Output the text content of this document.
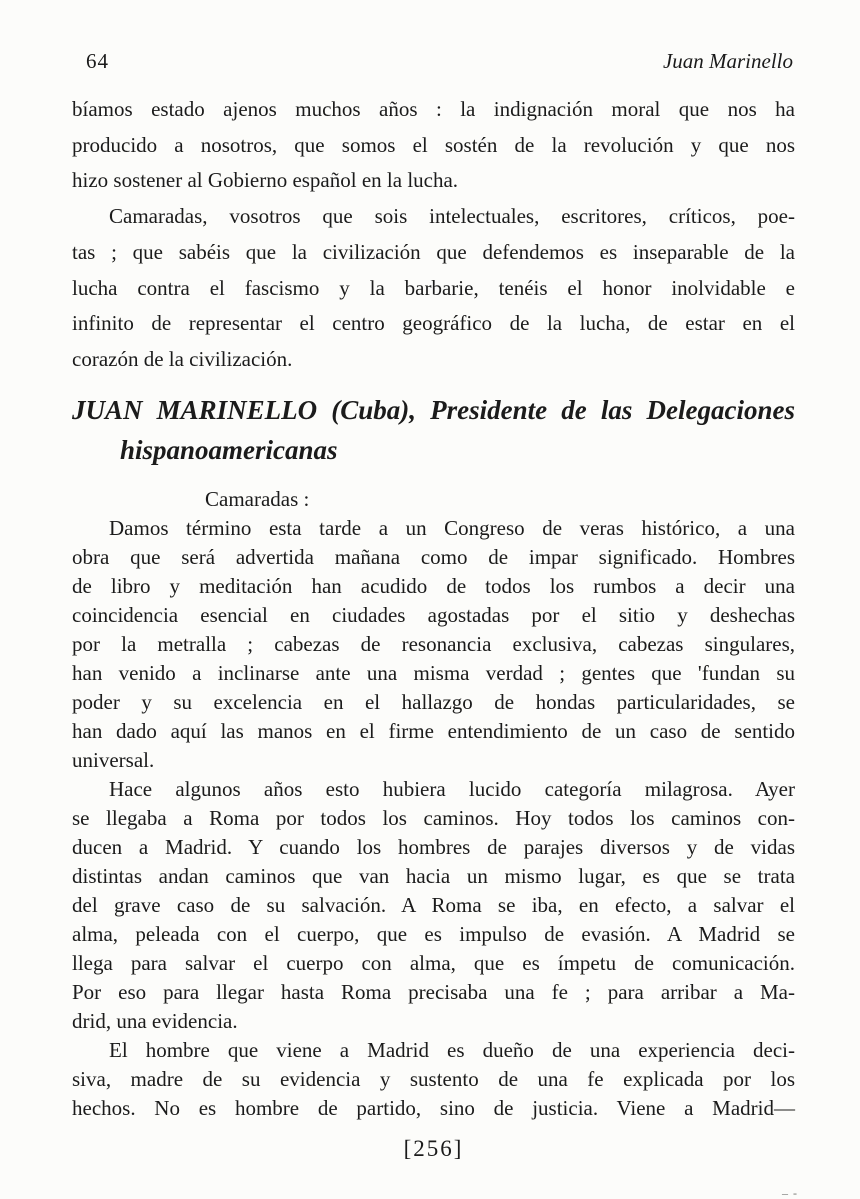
64	Juan Marinello
bíamos estado ajenos muchos años : la indignación moral que nos ha
producido a nosotros, que somos el sostén de la revolución y que nos
hizo sostener al Gobierno español en la lucha.
Camaradas, vosotros que sois intelectuales, escritores, críticos, poe-
tas ; que sabéis que la civilización que defendemos es inseparable de la
lucha contra el fascismo y la barbarie, tenéis el honor inolvidable e
infinito de representar el centro geográfico de la lucha, de estar en el
corazón de la civilización.
JUAN MARINELLO (Cuba), Presidente de las Delegaciones
hispanoamericanas
Camaradas :
Damos término esta tarde a un Congreso de veras histórico, a una
obra que será advertida mañana como de impar significado. Hombres
de libro y meditación han acudido de todos los rumbos a decir una
coincidencia esencial en ciudades agostadas por el sitio y deshechas
por la metralla ; cabezas de resonancia exclusiva, cabezas singulares,
han venido a inclinarse ante una misma verdad ; gentes que 'fundan su
poder y su excelencia en el hallazgo de hondas particularidades, se
han dado aquí las manos en el firme entendimiento de un caso de sentido
universal.
Hace algunos años esto hubiera lucido categoría milagrosa. Ayer
se llegaba a Roma por todos los caminos. Hoy todos los caminos con-
ducen a Madrid. Y cuando los hombres de parajes diversos y de vidas
distintas andan caminos que van hacia un mismo lugar, es que se trata
del grave caso de su salvación. A Roma se iba, en efecto, a salvar el
alma, peleada con el cuerpo, que es impulso de evasión. A Madrid se
llega para salvar el cuerpo con alma, que es ímpetu de comunicación.
Por eso para llegar hasta Roma precisaba una fe ; para arribar a Ma-
drid, una evidencia.
El hombre que viene a Madrid es dueño de una experiencia deci-
siva, madre de su evidencia y sustento de una fe explicada por los
hechos. No es hombre de partido, sino de justicia. Viene a Madrid—
[256]
– ‑
